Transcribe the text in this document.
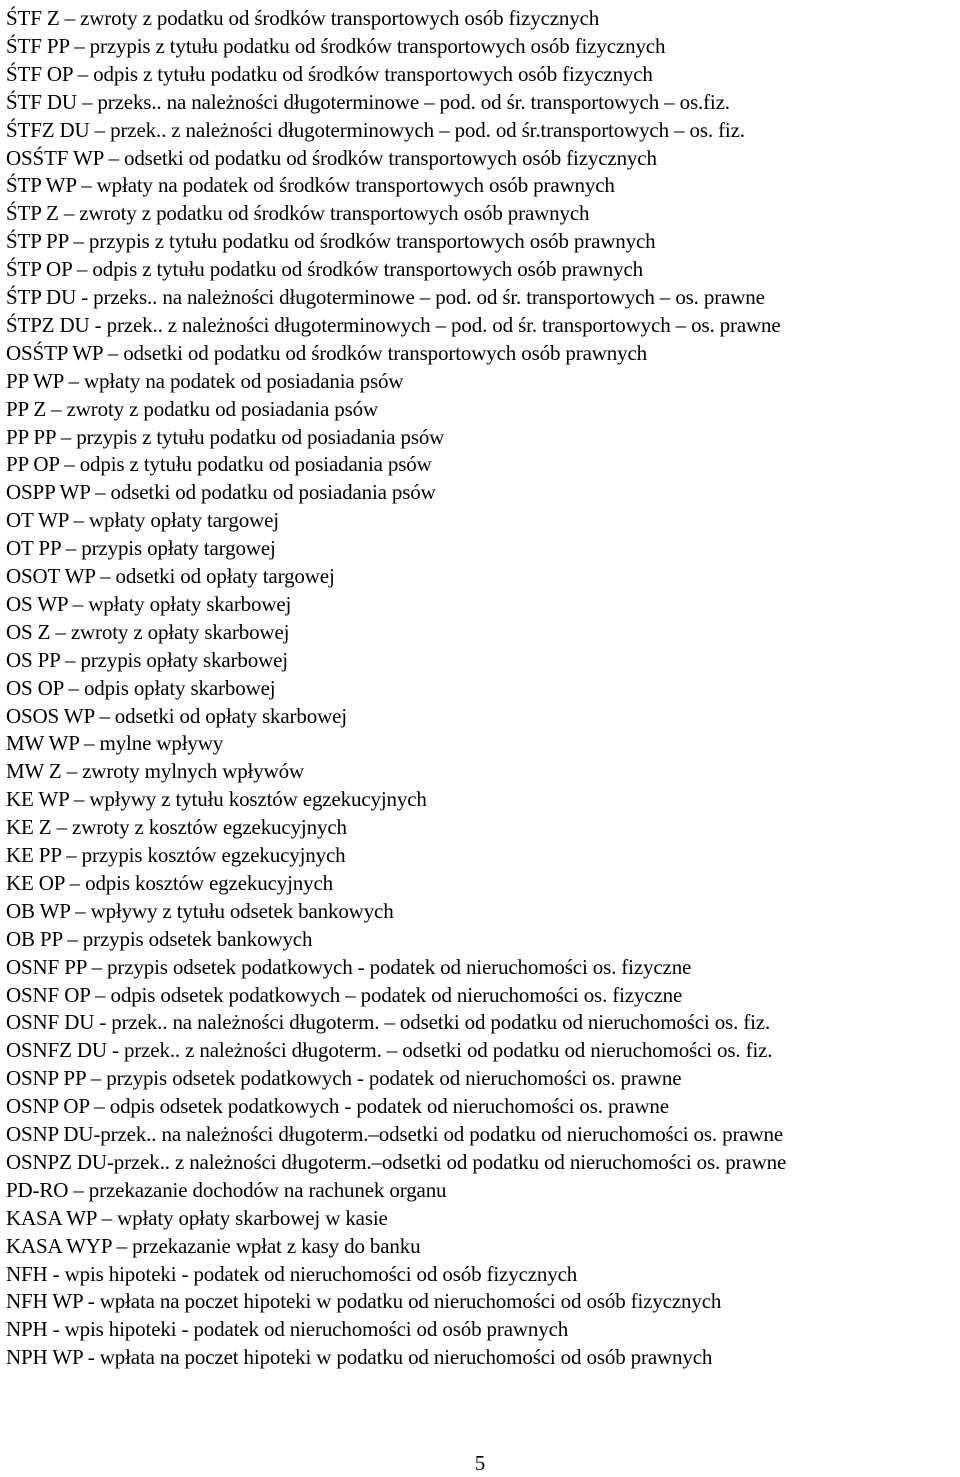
ŚTF Z – zwroty z podatku od środków transportowych osób fizycznych
ŚTF PP – przypis z tytułu podatku od środków transportowych osób fizycznych
ŚTF OP – odpis z tytułu podatku od środków transportowych osób fizycznych
ŚTF DU – przeks.. na należności długoterminowe – pod. od śr. transportowych – os.fiz.
ŚTFZ DU – przek.. z należności długoterminowych – pod. od śr.transportowych – os. fiz.
OSŚTF WP – odsetki od podatku od środków transportowych osób fizycznych
ŚTP WP – wpłaty na podatek od środków transportowych osób prawnych
ŚTP Z – zwroty z podatku od środków transportowych osób prawnych
ŚTP PP – przypis z tytułu podatku od środków transportowych osób prawnych
ŚTP OP – odpis z tytułu podatku od środków transportowych osób prawnych
ŚTP DU - przeks.. na należności długoterminowe – pod. od śr. transportowych – os. prawne
ŚTPZ DU - przek.. z należności długoterminowych – pod. od śr. transportowych – os. prawne
OSŚTP WP – odsetki od podatku od środków transportowych osób prawnych
PP WP – wpłaty na podatek od posiadania psów
PP Z – zwroty z podatku od posiadania psów
PP PP – przypis z tytułu podatku od posiadania psów
PP OP – odpis z tytułu podatku od posiadania psów
OSPP WP – odsetki od podatku od posiadania psów
OT WP – wpłaty opłaty targowej
OT PP – przypis opłaty targowej
OSOT WP – odsetki od opłaty targowej
OS WP – wpłaty opłaty skarbowej
OS Z – zwroty z opłaty skarbowej
OS PP – przypis opłaty skarbowej
OS OP – odpis opłaty skarbowej
OSOS WP – odsetki od opłaty skarbowej
MW WP – mylne wpływy
MW Z – zwroty mylnych wpływów
KE WP – wpływy z tytułu kosztów egzekucyjnych
KE Z – zwroty z kosztów egzekucyjnych
KE PP – przypis kosztów egzekucyjnych
KE OP – odpis kosztów egzekucyjnych
OB WP – wpływy z tytułu odsetek bankowych
OB PP – przypis odsetek bankowych
OSNF PP – przypis odsetek podatkowych - podatek od nieruchomości os. fizyczne
OSNF OP – odpis odsetek podatkowych – podatek od nieruchomości os. fizyczne
OSNF DU - przek.. na należności długoterm. – odsetki od podatku od nieruchomości os. fiz.
OSNFZ DU - przek.. z należności długoterm. – odsetki od podatku od nieruchomości os. fiz.
OSNP PP – przypis odsetek podatkowych - podatek od nieruchomości os. prawne
OSNP OP – odpis odsetek podatkowych - podatek od nieruchomości os. prawne
OSNP DU-przek.. na należności długoterm.–odsetki od podatku od nieruchomości os. prawne
OSNPZ DU-przek.. z należności długoterm.–odsetki od podatku od nieruchomości os. prawne
PD-RO – przekazanie dochodów na rachunek organu
KASA WP – wpłaty opłaty skarbowej w kasie
KASA WYP – przekazanie wpłat z kasy do banku
NFH - wpis hipoteki - podatek od nieruchomości od osób fizycznych
NFH WP - wpłata na poczet hipoteki w podatku od nieruchomości od osób fizycznych
NPH - wpis hipoteki - podatek od nieruchomości od osób prawnych
NPH WP - wpłata na poczet hipoteki w podatku od nieruchomości od osób prawnych
5
